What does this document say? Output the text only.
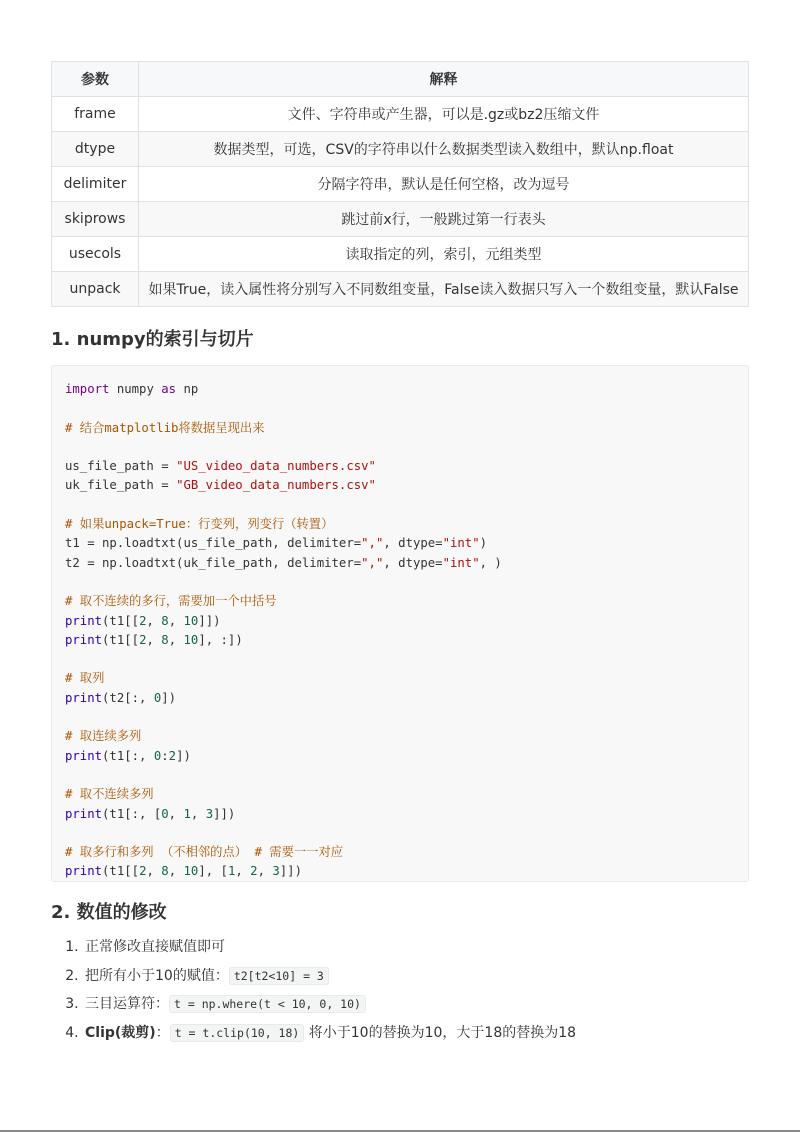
参数	解释
frame	文件、字符串或产生器，可以是.gz或bz2压缩文件
dtype	数据类型，可选，CSV的字符串以什么数据类型读入数组中，默认np.float
delimiter	分隔字符串，默认是任何空格，改为逗号
skiprows	跳过前x行，一般跳过第一行表头
usecols	读取指定的列，索引，元组类型
unpack	如果True，读入属性将分别写入不同数组变量，False读入数据只写入一个数组变量，默认False
1. numpy的索引与切片
import numpy as np
# 结合matplotlib将数据呈现出来
us_file_path = "US_video_data_numbers.csv"
uk_file_path = "GB_video_data_numbers.csv"
# 如果unpack=True：行变列，列变行（转置）
t1 = np.loadtxt(us_file_path, delimiter=",", dtype="int")
t2 = np.loadtxt(uk_file_path, delimiter=",", dtype="int", )
# 取不连续的多行，需要加一个中括号
print(t1[[2, 8, 10]])
print(t1[[2, 8, 10], :])
# 取列
print(t2[:, 0])
# 取连续多列
print(t1[:, 0:2])
# 取不连续多列
print(t1[:, [0, 1, 3]])
# 取多行和多列 （不相邻的点） # 需要一一对应
print(t1[[2, 8, 10], [1, 2, 3]])
2. 数值的修改
1. 正常修改直接赋值即可
2. 把所有小于10的赋值： t2[t2<10] = 3
3. 三目运算符： t = np.where(t < 10, 0, 10)
4. Clip(裁剪)： t = t.clip(10, 18) 将小于10的替换为10，大于18的替换为18
